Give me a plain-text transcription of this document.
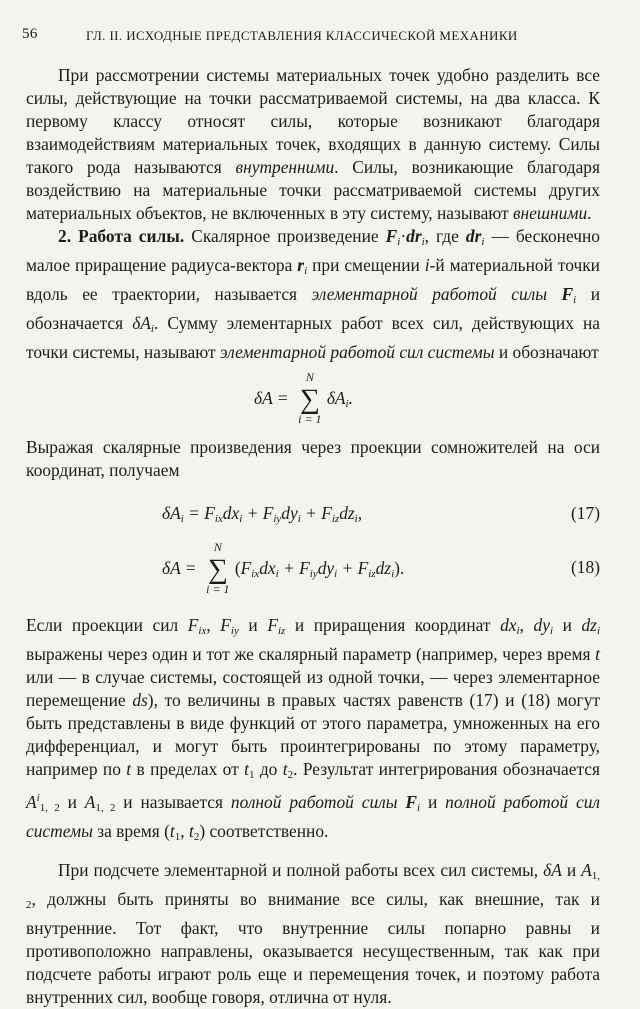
56	ГЛ. II. ИСХОДНЫЕ ПРЕДСТАВЛЕНИЯ КЛАССИЧЕСКОЙ МЕХАНИКИ

При рассмотрении системы материальных точек удобно разделить все силы, действующие на точки рассматриваемой системы, на два класса. К первому классу относят силы, которые возникают благодаря взаимодействиям материальных точек, входящих в данную систему. Силы такого рода называются внутренними. Силы, возникающие благодаря воздействию на материальные точки рассматриваемой системы других материальных объектов, не включенных в эту систему, называют внешними.

2. Работа силы. Скалярное произведение $F_i\cdot dr_i$, где $dr_i$ — бесконечно малое приращение радиуса-вектора $r_i$ при смещении i-й материальной точки вдоль ее траектории, называется элементарной работой силы $F_i$ и обозначается $\delta A_i$. Сумму элементарных работ всех сил, действующих на точки системы, называют элементарной работой сил системы и обозначают

δA =
N
∑
i = 1
$\delta A_i$.

Выражая скалярные произведения через проекции сомножителей на оси координат, получаем

$\delta A_i = F_{ix}dx_i + F_{iy}dy_i + F_{iz}dz_i$,	(17)
δA =
N
∑
i = 1
$(F_{ix}dx_i + F_{iy}dy_i + F_{iz}dz_i)$.	(18)

Если проекции сил $F_{ix}$, $F_{iy}$ и $F_{iz}$ и приращения координат $dx_i$, $dy_i$ и $dz_i$ выражены через один и тот же скалярный параметр (например, через время t или — в случае системы, состоящей из одной точки, — через элементарное перемещение ds), то величины в правых частях равенств (17) и (18) могут быть представлены в виде функций от этого параметра, умноженных на его дифференциал, и могут быть проинтегрированы по этому параметру, например по t в пределах от $t_1$ до $t_2$. Результат интегрирования обозначается $A^i_{1, 2}$ и $A_{1, 2}$ и называется полной работой силы $F_i$ и полной работой сил системы за время ($t_1$, $t_2$) соответственно.

При подсчете элементарной и полной работы всех сил системы, δA и $A_{1, 2}$, должны быть приняты во внимание все силы, как внешние, так и внутренние. Тот факт, что внутренние силы попарно равны и противоположно направлены, оказывается несущественным, так как при подсчете работы играют роль еще и перемещения точек, и поэтому работа внутренних сил, вообще говоря, отлична от нуля.
